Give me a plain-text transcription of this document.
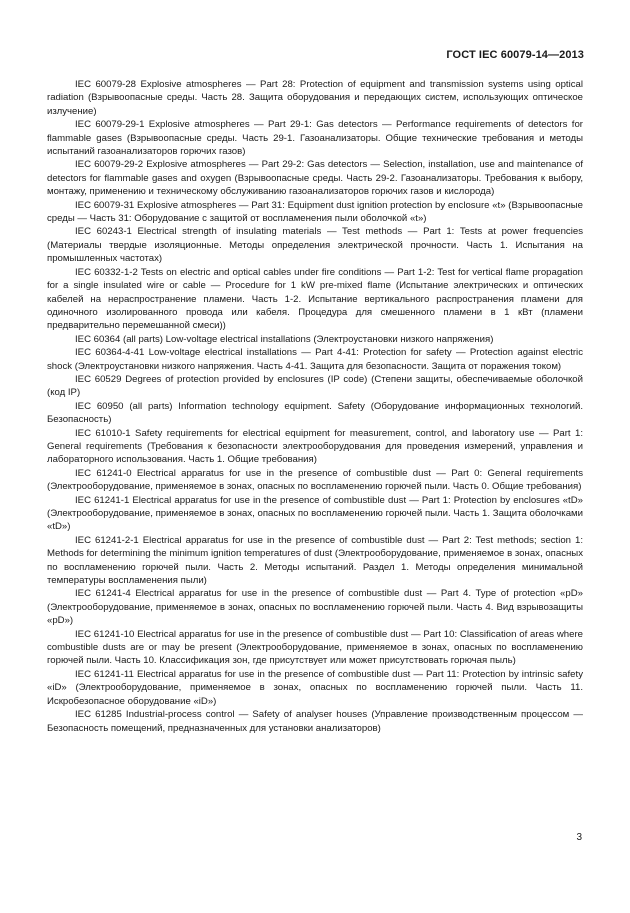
ГОСТ IEC 60079-14—2013

IEC 60079-28 Explosive atmospheres — Part 28: Protection of equipment and transmission systems using optical radiation (Взрывоопасные среды. Часть 28. Защита оборудования и передающих систем, использующих оптическое излучение)

IEC 60079-29-1 Explosive atmospheres — Part 29-1: Gas detectors — Performance requirements of detectors for flammable gases (Взрывоопасные среды. Часть 29-1. Газоанализаторы. Общие технические требования и методы испытаний газоанализаторов горючих газов)

IEC 60079-29-2 Explosive atmospheres — Part 29-2: Gas detectors — Selection, installation, use and maintenance of detectors for flammable gases and oxygen (Взрывоопасные среды. Часть 29-2. Газоанализаторы. Требования к выбору, монтажу, применению и техническому обслуживанию газоанализаторов горючих газов и кислорода)

IEC 60079-31 Explosive atmospheres — Part 31: Equipment dust ignition protection by enclosure «t» (Взрывоопасные среды — Часть 31: Оборудование с защитой от воспламенения пыли оболочкой «t»)

IEC 60243-1 Electrical strength of insulating materials — Test methods — Part 1: Tests at power frequencies (Материалы твердые изоляционные. Методы определения электрической прочности. Часть 1. Испытания на промышленных частотах)

IEC 60332-1-2 Tests on electric and optical cables under fire conditions — Part 1-2: Test for vertical flame propagation for a single insulated wire or cable — Procedure for 1 kW pre-mixed flame (Испытание электрических и оптических кабелей на нераспространение пламени. Часть 1-2. Испытание вертикального распространения пламени для одиночного изолированного провода или кабеля. Процедура для смешенного пламени в 1 кВт (пламени предварительно перемешанной смеси))

IEC 60364 (all parts) Low-voltage electrical installations (Электроустановки низкого напряжения)

IEC 60364-4-41 Low-voltage electrical installations — Part 4-41: Protection for safety — Protection against electric shock (Электроустановки низкого напряжения. Часть 4-41. Защита для безопасности. Защита от поражения током)

IEC 60529 Degrees of protection provided by enclosures (IP code) (Степени защиты, обеспечиваемые оболочкой (код IP)

IEC 60950 (all parts) Information technology equipment. Safety (Оборудование информационных технологий. Безопасность)

IEC 61010-1 Safety requirements for electrical equipment for measurement, control, and laboratory use — Part 1: General requirements (Требования к безопасности электрооборудования для проведения измерений, управления и лабораторного использования. Часть 1. Общие требования)

IEC 61241-0 Electrical apparatus for use in the presence of combustible dust — Part 0: General requirements (Электрооборудование, применяемое в зонах, опасных по воспламенению горючей пыли. Часть 0. Общие требования)

IEC 61241-1 Electrical apparatus for use in the presence of combustible dust — Part 1: Protection by enclosures «tD» (Электрооборудование, применяемое в зонах, опасных по воспламенению горючей пыли. Часть 1. Защита оболочками «tD»)

IEC 61241-2-1 Electrical apparatus for use in the presence of combustible dust — Part 2: Test methods; section 1: Methods for determining the minimum ignition temperatures of dust (Электрооборудование, применяемое в зонах, опасных по воспламенению горючей пыли. Часть 2. Методы испытаний. Раздел 1. Методы определения минимальной температуры воспламенения пыли)

IEC 61241-4 Electrical apparatus for use in the presence of combustible dust — Part 4. Type of protection «pD» (Электрооборудование, применяемое в зонах, опасных по воспламенению горючей пыли. Часть 4. Вид взрывозащиты «pD»)

IEC 61241-10 Electrical apparatus for use in the presence of combustible dust — Part 10: Classification of areas where combustible dusts are or may be present (Электрооборудование, применяемое в зонах, опасных по воспламенению горючей пыли. Часть 10. Классификация зон, где присутствует или может присутствовать горючая пыль)

IEC 61241-11 Electrical apparatus for use in the presence of combustible dust — Part 11: Protection by intrinsic safety «iD» (Электрооборудование, применяемое в зонах, опасных по воспламенению горючей пыли. Часть 11. Искробезопасное оборудование «iD»)

IEC 61285 Industrial-process control — Safety of analyser houses (Управление производственным процессом — Безопасность помещений, предназначенных для установки анализаторов)

3
